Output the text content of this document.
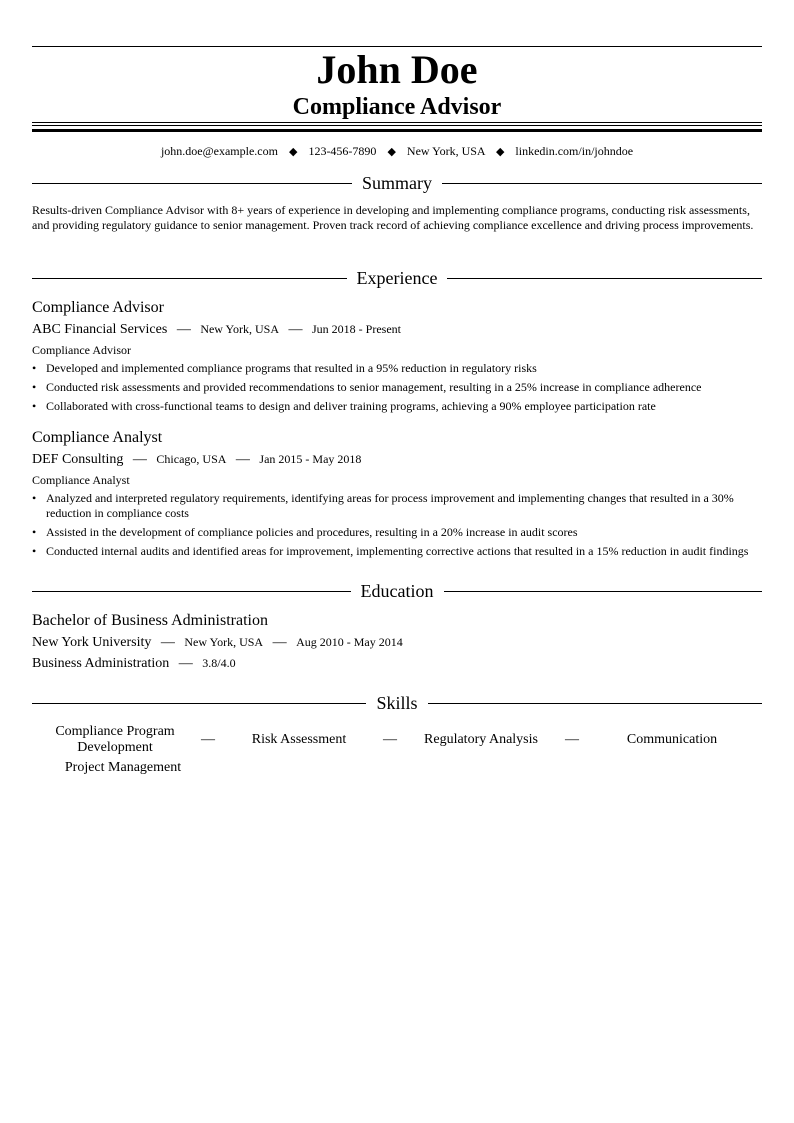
John Doe
Compliance Advisor
john.doe@example.com ◆ 123-456-7890 ◆ New York, USA ◆ linkedin.com/in/johndoe
Summary
Results-driven Compliance Advisor with 8+ years of experience in developing and implementing compliance programs, conducting risk assessments, and providing regulatory guidance to senior management. Proven track record of achieving compliance excellence and driving process improvements.
Experience
Compliance Advisor
ABC Financial Services — New York, USA — Jun 2018 - Present
Compliance Advisor
• Developed and implemented compliance programs that resulted in a 95% reduction in regulatory risks
• Conducted risk assessments and provided recommendations to senior management, resulting in a 25% increase in compliance adherence
• Collaborated with cross-functional teams to design and deliver training programs, achieving a 90% employee participation rate
Compliance Analyst
DEF Consulting — Chicago, USA — Jan 2015 - May 2018
Compliance Analyst
• Analyzed and interpreted regulatory requirements, identifying areas for process improvement and implementing changes that resulted in a 30% reduction in compliance costs
• Assisted in the development of compliance policies and procedures, resulting in a 20% increase in audit scores
• Conducted internal audits and identified areas for improvement, implementing corrective actions that resulted in a 15% reduction in audit findings
Education
Bachelor of Business Administration
New York University — New York, USA — Aug 2010 - May 2014
Business Administration — 3.8/4.0
Skills
Compliance Program Development
—	Risk Assessment	—	Regulatory Analysis	—	Communication
Project Management
